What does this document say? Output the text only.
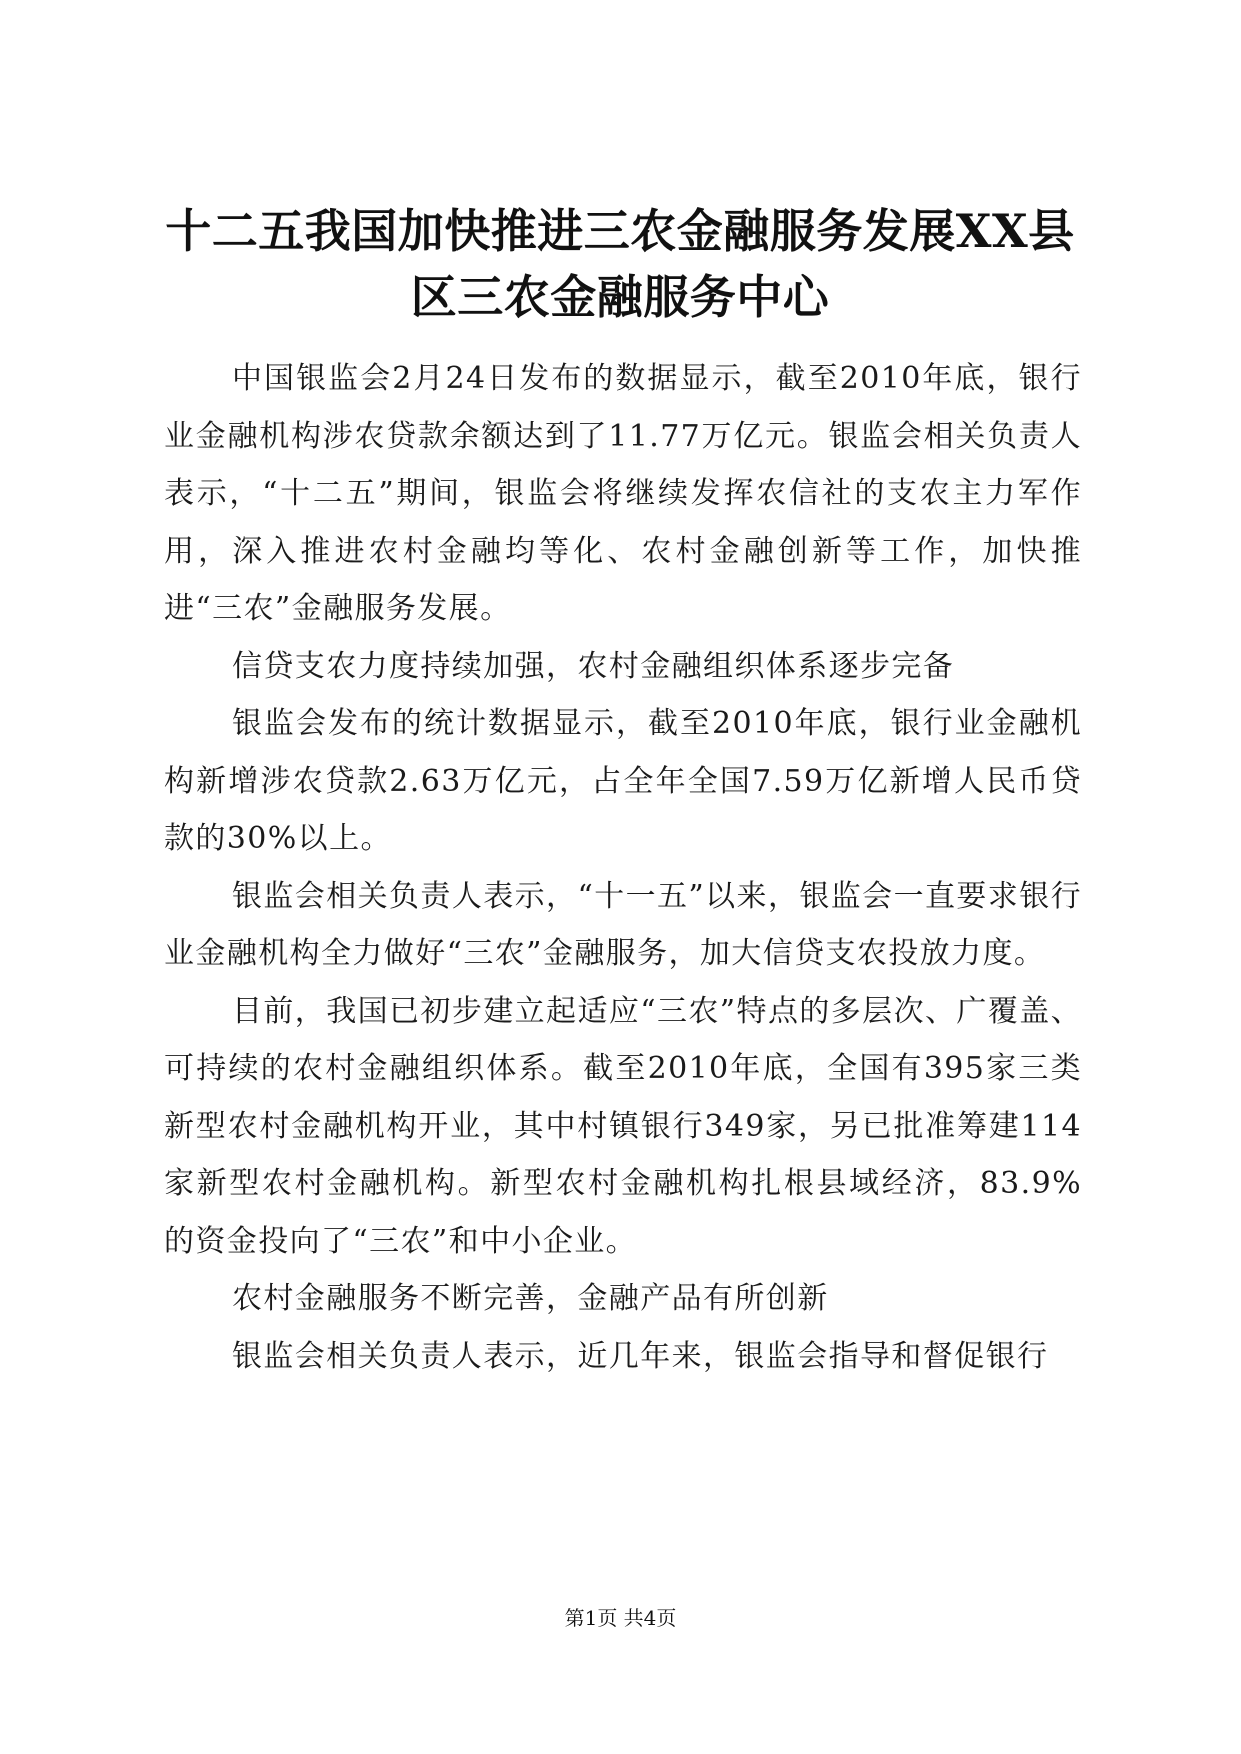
十二五我国加快推进三农金融服务发展XX县
区三农金融服务中心

中国银监会2月24日发布的数据显示，截至2010年底，银行业金融机构涉农贷款余额达到了11.77万亿元。银监会相关负责人表示，“十二五”期间，银监会将继续发挥农信社的支农主力军作用，深入推进农村金融均等化、农村金融创新等工作，加快推进“三农”金融服务发展。

信贷支农力度持续加强，农村金融组织体系逐步完备

银监会发布的统计数据显示，截至2010年底，银行业金融机构新增涉农贷款2.63万亿元，占全年全国7.59万亿新增人民币贷款的30%以上。

银监会相关负责人表示，“十一五”以来，银监会一直要求银行业金融机构全力做好“三农”金融服务，加大信贷支农投放力度。

目前，我国已初步建立起适应“三农”特点的多层次、广覆盖、可持续的农村金融组织体系。截至2010年底，全国有395家三类新型农村金融机构开业，其中村镇银行349家，另已批准筹建114家新型农村金融机构。新型农村金融机构扎根县域经济，83.9%的资金投向了“三农”和中小企业。

农村金融服务不断完善，金融产品有所创新

银监会相关负责人表示，近几年来，银监会指导和督促银行

第1页 共4页
